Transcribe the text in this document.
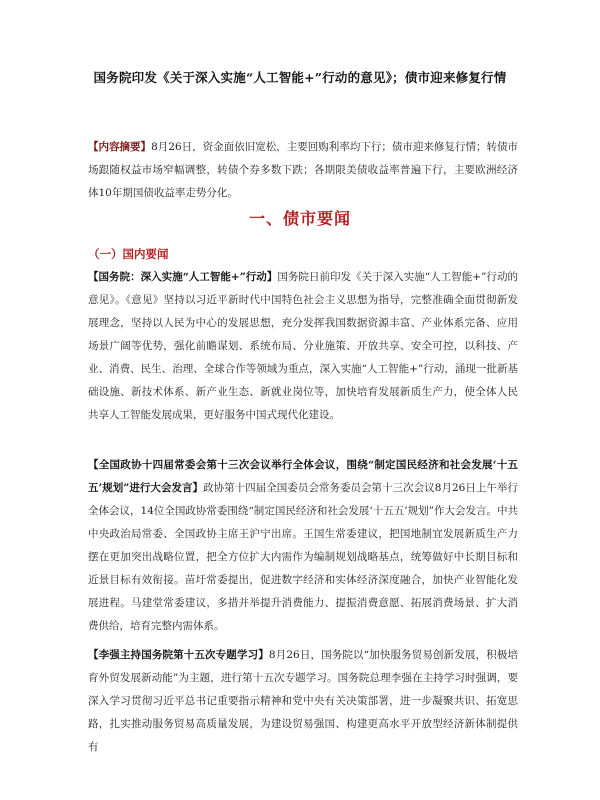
国务院印发《关于深入实施“人工智能+”行动的意见》；债市迎来修复行情
【内容摘要】8月26日，资金面依旧宽松，主要回购利率均下行；债市迎来修复行情；转债市场跟随权益市场窄幅调整，转债个券多数下跌；各期限美债收益率普遍下行，主要欧洲经济体10年期国债收益率走势分化。
一、债市要闻
（一）国内要闻

【国务院：深入实施“人工智能+”行动】国务院日前印发《关于深入实施“人工智能+”行动的意见》。《意见》坚持以习近平新时代中国特色社会主义思想为指导，完整准确全面贯彻新发展理念，坚持以人民为中心的发展思想，充分发挥我国数据资源丰富、产业体系完备、应用场景广阔等优势，强化前瞻谋划、系统布局、分业施策、开放共享、安全可控，以科技、产业、消费、民生、治理、全球合作等领域为重点，深入实施“人工智能+”行动，涌现一批新基础设施、新技术体系、新产业生态、新就业岗位等，加快培育发展新质生产力，使全体人民共享人工智能发展成果，更好服务中国式现代化建设。

【全国政协十四届常委会第十三次会议举行全体会议，围绕“制定国民经济和社会发展‘十五五’规划”进行大会发言】政协第十四届全国委员会常务委员会第十三次会议8月26日上午举行全体会议，14位全国政协常委围绕“制定国民经济和社会发展‘十五五’规划”作大会发言。中共中央政治局常委、全国政协主席王沪宁出席。王国生常委建议，把国地制宜发展新质生产力摆在更加突出战略位置，把全方位扩大内需作为编制规划战略基点，统筹做好中长期目标和近景目标有效衔接。苗圩常委提出，促进数字经济和实体经济深度融合，加快产业智能化发展进程。马建堂常委建议，多措并举提升消费能力、提振消费意愿、拓展消费场景、扩大消费供给，培育完整内需体系。

【李强主持国务院第十五次专题学习】8月26日，国务院以“加快服务贸易创新发展，积极培育外贸发展新动能”为主题，进行第十五次专题学习。国务院总理李强在主持学习时强调，要深入学习贯彻习近平总书记重要指示精神和党中央有关决策部署，进一步凝聚共识、拓宽思路，扎实推动服务贸易高质量发展，为建设贸易强国、构建更高水平开放型经济新体制提供有
